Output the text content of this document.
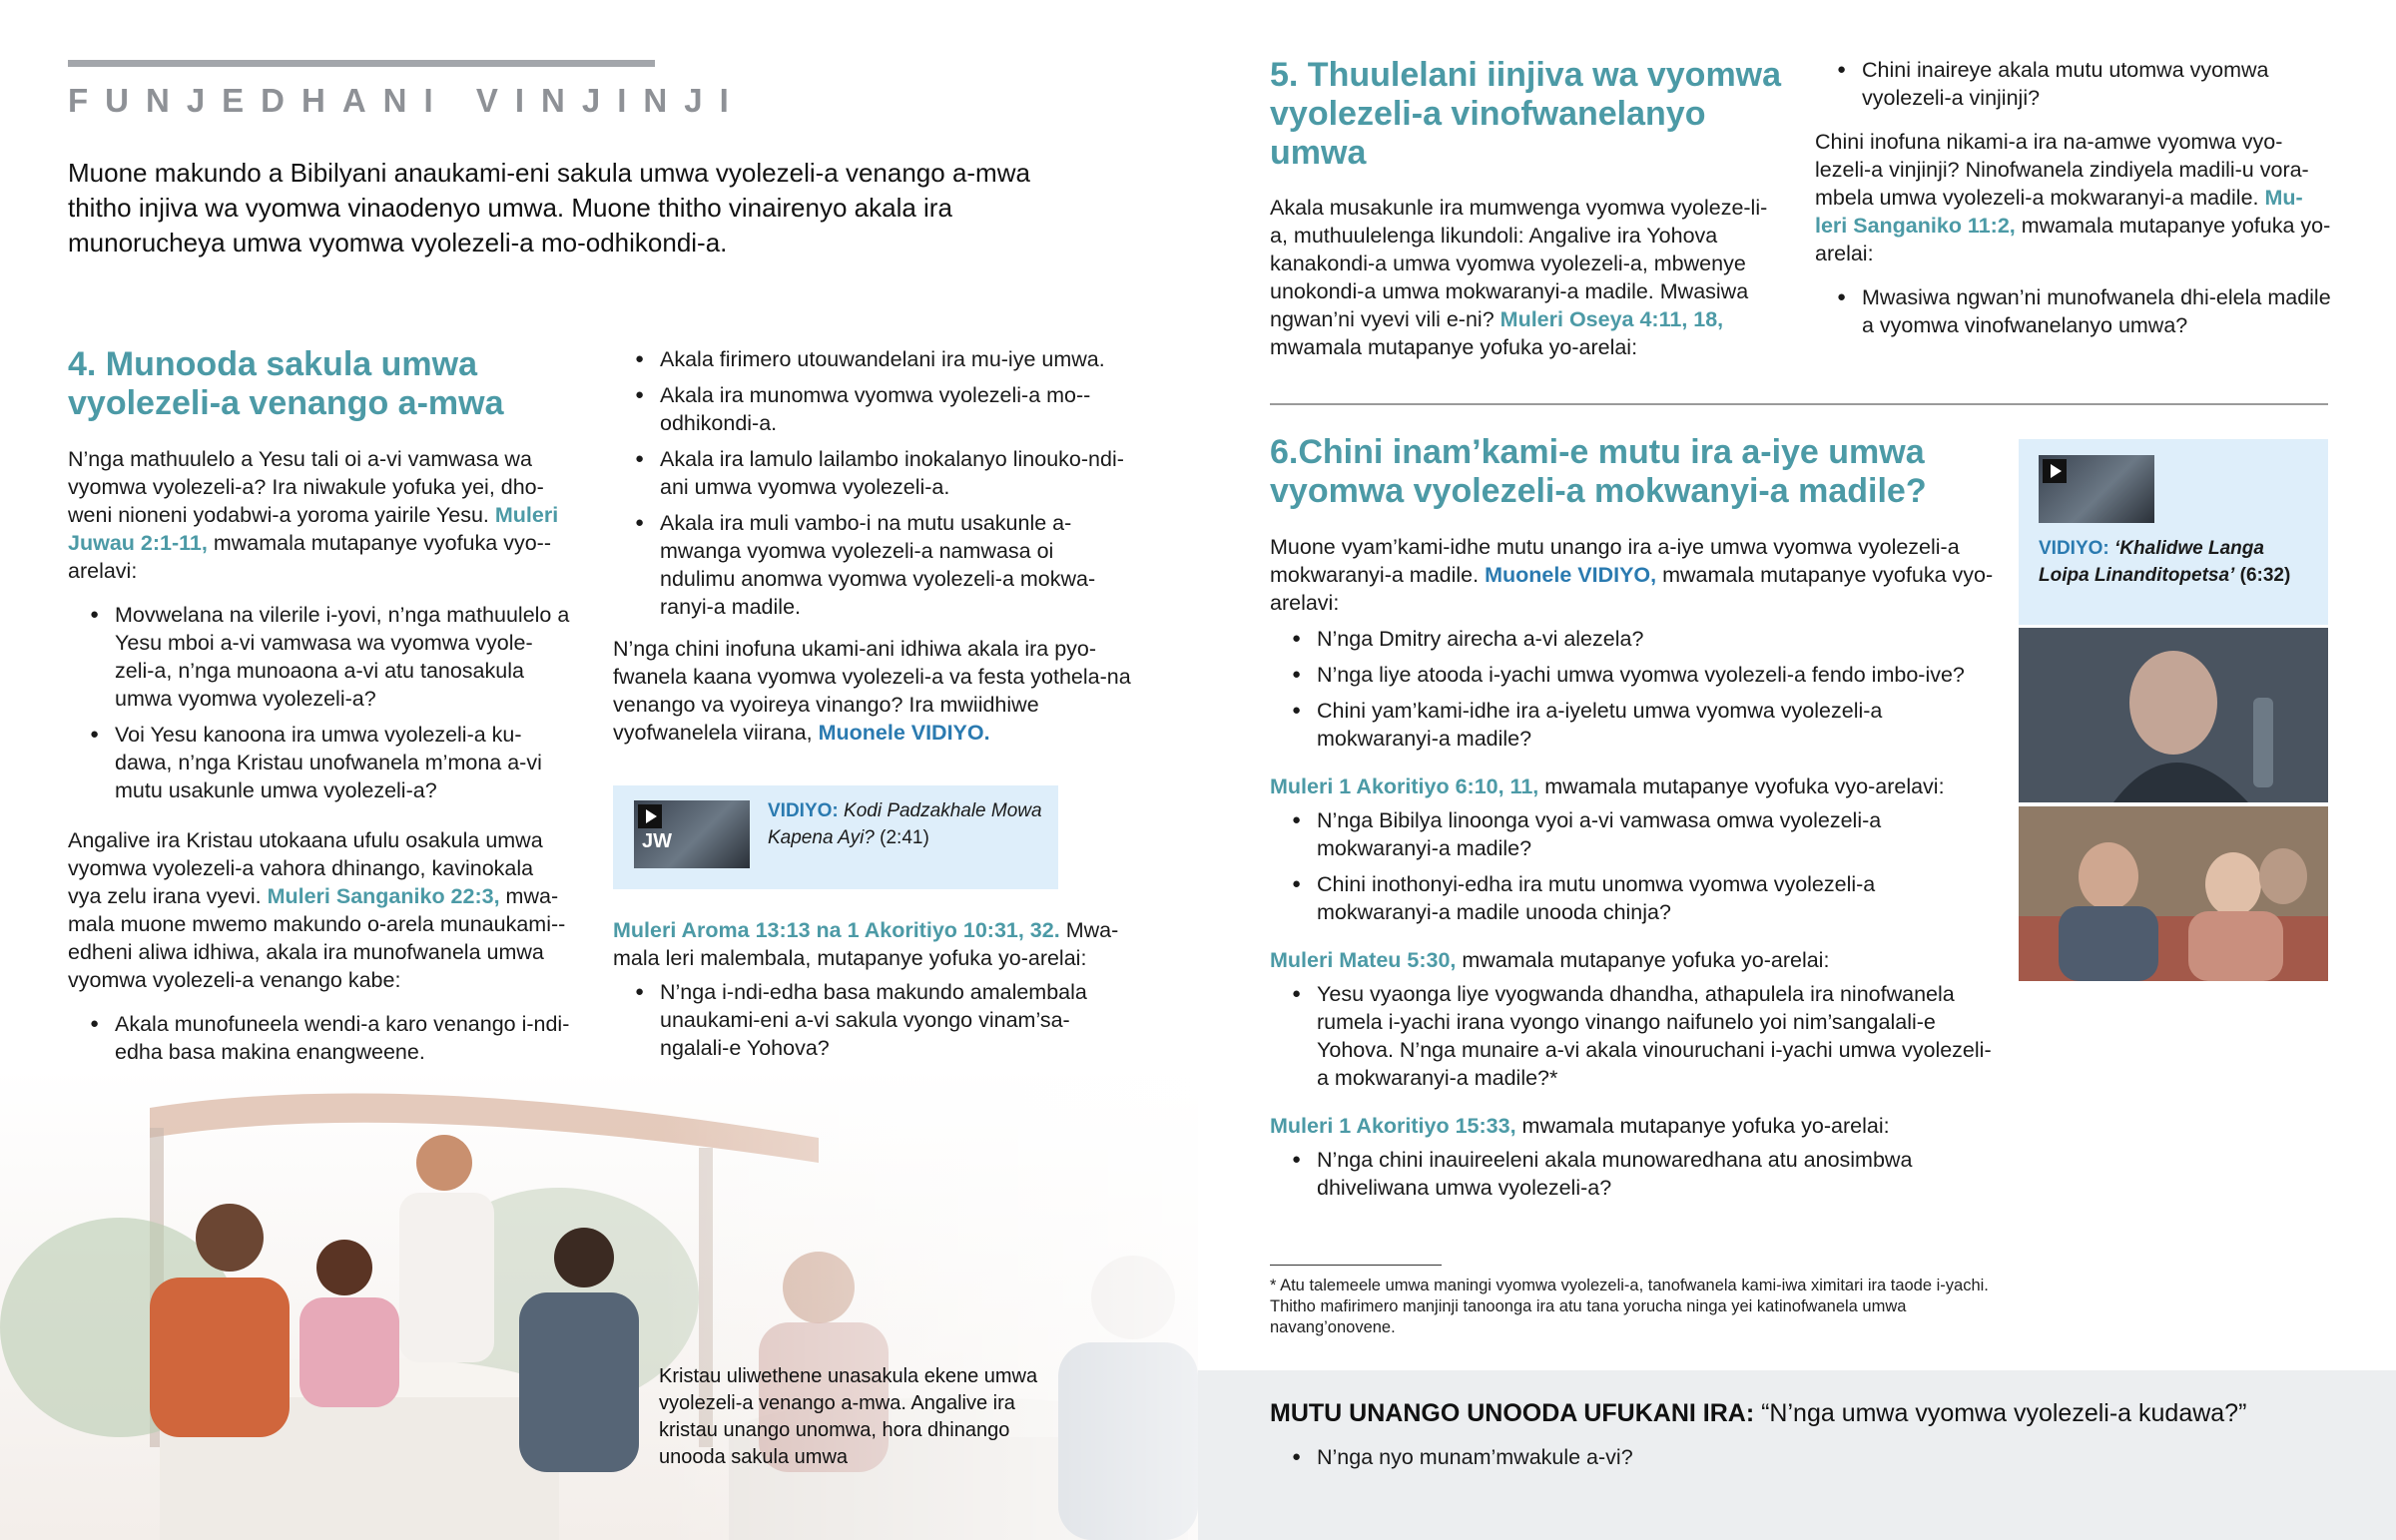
FUNJEDHANI VINJINJI
Muone makundo a Bibilyani anaukami-eni sakula umwa vyolezeli-a venango a-mwa thitho injiva wa vyomwa vinaodenyo umwa. Muone thitho vinairenyo akala ira munorucheya umwa vyomwa vyolezeli-a mo-odhikondi-a.
4. Munooda sakula umwa vyolezeli-a venango a-mwa

N’nga mathuulelo a Yesu tali oi a-vi vamwasa wa vyomwa vyolezeli-a? Ira niwakule yofuka yei, dho-weni nioneni yodabwi-a yoroma yairile Yesu. Muleri Juwau 2:1-11, mwamala mutapanye vyofuka vyo--arelavi:

● Movwelana na vilerile i-yovi, n’nga mathuulelo a Yesu mboi a-vi vamwasa wa vyomwa vyole-zeli-a, n’nga munoaona a-vi atu tanosakula umwa vyomwa vyolezeli-a?
● Voi Yesu kanoona ira umwa vyolezeli-a ku-dawa, n’nga Kristau unofwanela m’mona a-vi mutu usakunle umwa vyolezeli-a?

Angalive ira Kristau utokaana ufulu osakula umwa vyomwa vyolezeli-a vahora dhinango, kavinokala vya zelu irana vyevi. Muleri Sanganiko 22:3, mwa-mala muone mwemo makundo o-arela munaukami--edheni aliwa idhiwa, akala ira munofwanela umwa vyomwa vyolezeli-a venango kabe:

● Akala munofuneela wendi-a karo venango i-ndi-edha basa makina enangweene.
●
● Akala firimero utouwandelani ira mu-iye umwa.
● Akala ira munomwa vyomwa vyolezeli-a mo--odhikondi-a.
● Akala ira lamulo lailambo inokalanyo linouko-ndi-ani umwa vyomwa vyolezeli-a.
● Akala ira muli vambo-i na mutu usakunle a-mwanga vyomwa vyolezeli-a namwasa oi ndulimu anomwa vyomwa vyolezeli-a mokwa-ranyi-a madile.

N’nga chini inofuna ukami-ani idhiwa akala ira pyo-fwanela kaana vyomwa vyolezeli-a va festa yothela-na venango va vyoireya vinango? Ira mwiidhiwe vyofwanelela viirana, Muonele VIDIYO.

JW
VIDIYO: Kodi Padzakhale Mowa Kapena Ayi? (2:41)

Muleri Aroma 13:13 na 1 Akoritiyo 10:31, 32. Mwa-mala leri malembala, mutapanye yofuka yo-arelai:

● N’nga i-ndi-edha basa makundo amalembala unaukami-eni a-vi sakula vyongo vinam’sa-ngalali-e Yohova?
Kristau uliwethene unasakula ekene umwa vyolezeli-a venango a-mwa. Angalive ira kristau unango unomwa, hora dhinango unooda sakula umwa
5. Thuulelani iinjiva wa vyomwa vyolezeli-a vinofwanelanyo umwa

Akala musakunle ira mumwenga vyomwa vyoleze-li-a, muthuulelenga likundoli: Angalive ira Yohova kanakondi-a umwa vyomwa vyolezeli-a, mbwenye unokondi-a umwa mokwaranyi-a madile. Mwasiwa ngwan’ni vyevi vili e-ni? Muleri Oseya 4:11, 18, mwamala mutapanye yofuka yo-arelai:

● Chini inaireye akala mutu utomwa vyomwa vyolezeli-a vinjinji?

Chini inofuna nikami-a ira na-amwe vyomwa vyo-lezeli-a vinjinji? Ninofwanela zindiyela madili-u vora-mbela umwa vyolezeli-a mokwaranyi-a madile. Mu-leri Sanganiko 11:2, mwamala mutapanye yofuka yo-arelai:

● Mwasiwa ngwan’ni munofwanela dhi-elela madile a vyomwa vinofwanelanyo umwa?
6.Chini inam’kami-e mutu ira a-iye umwa vyomwa vyolezeli-a mokwanyi-a madile?

Muone vyam’kami-idhe mutu unango ira a-iye umwa vyomwa vyolezeli-a mokwaranyi-a madile. Muonele VIDIYO, mwamala mutapanye vyofuka vyo-arelavi:

● N’nga Dmitry airecha a-vi alezela?
● N’nga liye atooda i-yachi umwa vyomwa vyolezeli-a fendo imbo-ive?
● Chini yam’kami-idhe ira a-iyeletu umwa vyomwa vyolezeli-a mokwaranyi-a madile?

Muleri 1 Akoritiyo 6:10, 11, mwamala mutapanye vyofuka vyo-arelavi:

● N’nga Bibilya linoonga vyoi a-vi vamwasa omwa vyolezeli-a mokwaranyi-a madile?
● Chini inothonyi-edha ira mutu unomwa vyomwa vyolezeli-a mokwaranyi-a madile unooda chinja?

Muleri Mateu 5:30, mwamala mutapanye yofuka yo-arelai:

● Yesu vyaonga liye vyogwanda dhandha, athapulela ira ninofwanela rumela i-yachi irana vyongo vinango naifunelo yoi nim’sangalali-e Yohova. N’nga munaire a-vi akala vinouruchani i-yachi umwa vyolezeli-a mokwaranyi-a madile?*

Muleri 1 Akoritiyo 15:33, mwamala mutapanye yofuka yo-arelai:

● N’nga chini inauireeleni akala munowaredhana atu anosimbwa dhiveliwana umwa vyolezeli-a?
VIDIYO: ‘Khalidwe Langa Loipa Linanditopetsa’ (6:32)
* Atu talemeele umwa maningi vyomwa vyolezeli-a, tanofwanela kami-iwa ximitari ira taode i-yachi. Thitho mafirimero manjinji tanoonga ira atu tana yorucha ninga yei katinofwanela umwa navang’onovene.
MUTU UNANGO UNOODA UFUKANI IRA: “N’nga umwa vyomwa vyolezeli-a kudawa?”
● N’nga nyo munam’mwakule a-vi?
